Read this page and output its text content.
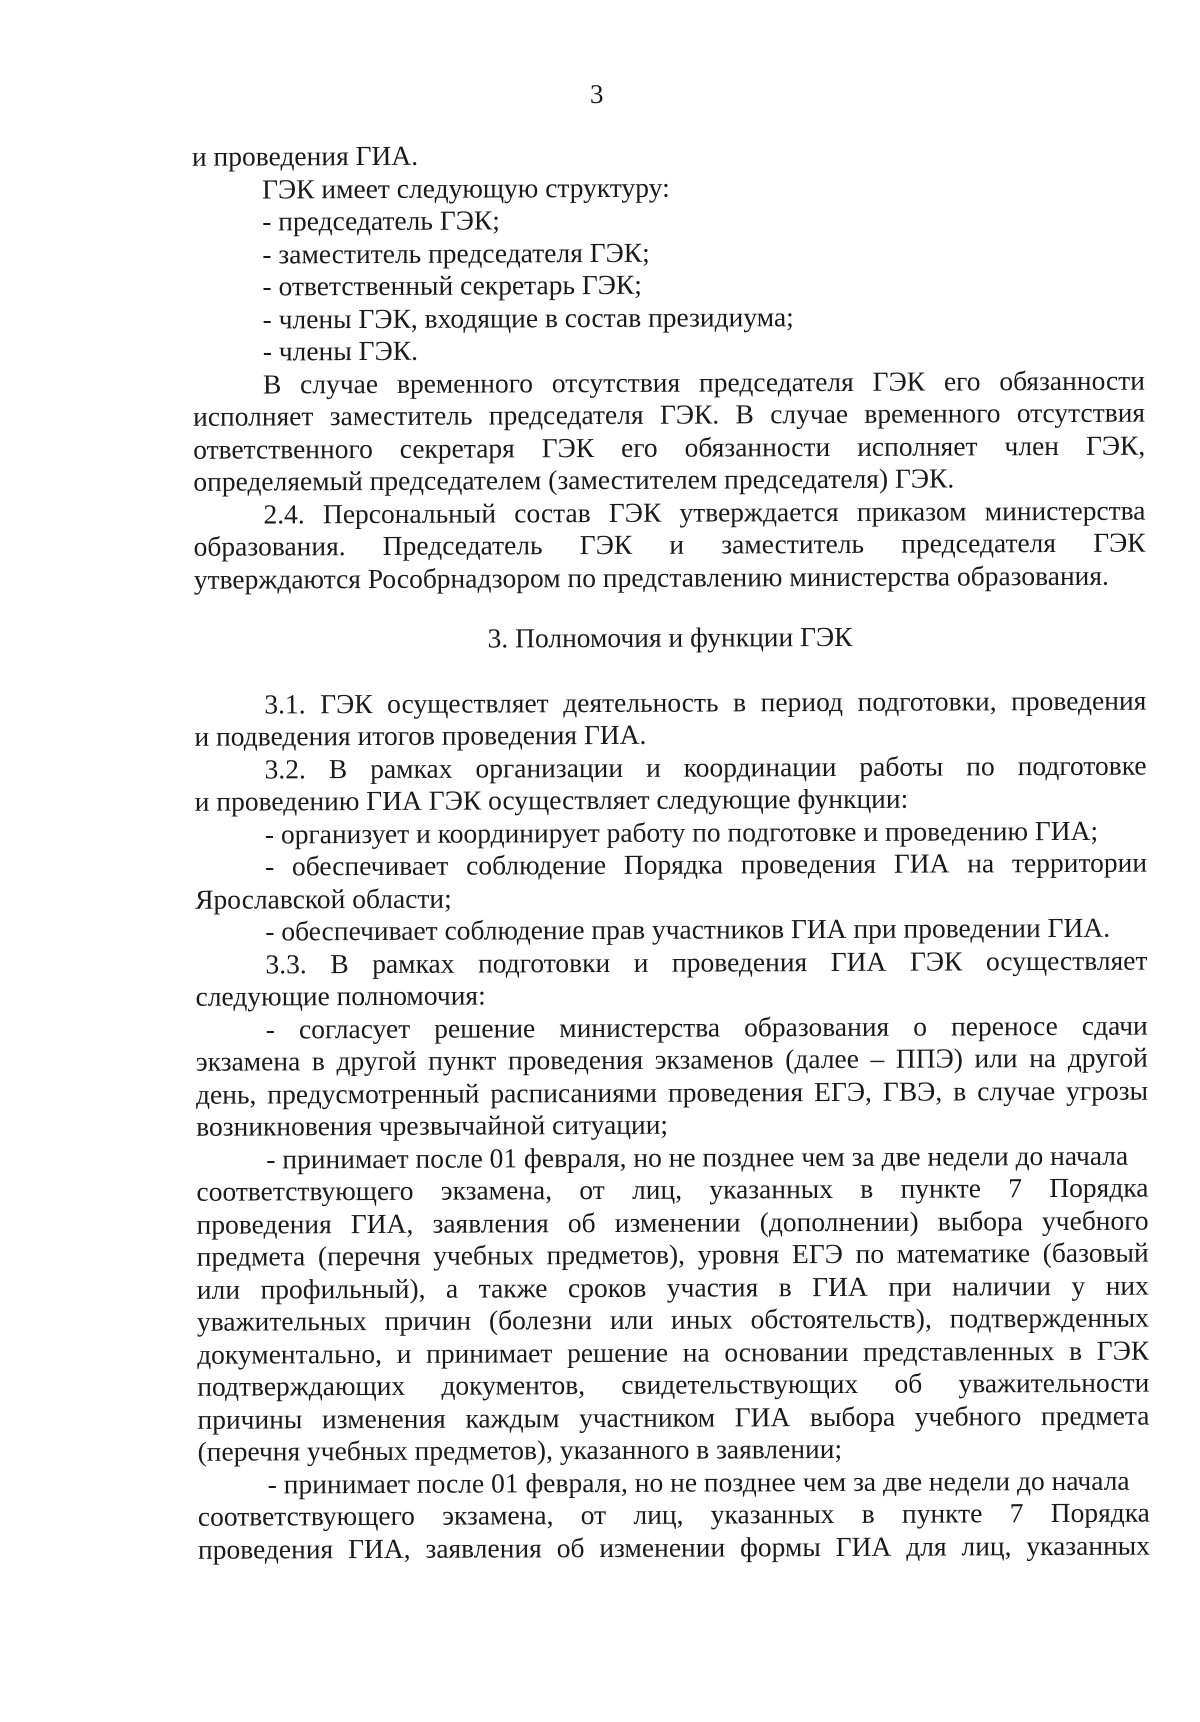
3
и проведения ГИА.
ГЭК имеет следующую структуру:
- председатель ГЭК;
- заместитель председателя ГЭК;
- ответственный секретарь ГЭК;
- члены ГЭК, входящие в состав президиума;
- члены ГЭК.
В случае временного отсутствия председателя ГЭК его обязанности
исполняет заместитель председателя ГЭК. В случае временного отсутствия
ответственного секретаря ГЭК его обязанности исполняет член ГЭК,
определяемый председателем (заместителем председателя) ГЭК.
2.4. Персональный состав ГЭК утверждается приказом министерства
образования. Председатель ГЭК и заместитель председателя ГЭК
утверждаются Рособрнадзором по представлению министерства образования.
3. Полномочия и функции ГЭК
3.1. ГЭК осуществляет деятельность в период подготовки, проведения
и подведения итогов проведения ГИА.
3.2. В рамках организации и координации работы по подготовке
и проведению ГИА ГЭК осуществляет следующие функции:
- организует и координирует работу по подготовке и проведению ГИА;
- обеспечивает соблюдение Порядка проведения ГИА на территории
Ярославской области;
- обеспечивает соблюдение прав участников ГИА при проведении ГИА.
3.3. В рамках подготовки и проведения ГИА ГЭК осуществляет
следующие полномочия:
- согласует решение министерства образования о переносе сдачи
экзамена в другой пункт проведения экзаменов (далее – ППЭ) или на другой
день, предусмотренный расписаниями проведения ЕГЭ, ГВЭ, в случае угрозы
возникновения чрезвычайной ситуации;
- принимает после 01 февраля, но не позднее чем за две недели до начала
соответствующего экзамена, от лиц, указанных в пункте 7 Порядка
проведения ГИА, заявления об изменении (дополнении) выбора учебного
предмета (перечня учебных предметов), уровня ЕГЭ по математике (базовый
или профильный), а также сроков участия в ГИА при наличии у них
уважительных причин (болезни или иных обстоятельств), подтвержденных
документально, и принимает решение на основании представленных в ГЭК
подтверждающих документов, свидетельствующих об уважительности
причины изменения каждым участником ГИА выбора учебного предмета
(перечня учебных предметов), указанного в заявлении;
- принимает после 01 февраля, но не позднее чем за две недели до начала
соответствующего экзамена, от лиц, указанных в пункте 7 Порядка
проведения ГИА, заявления об изменении формы ГИА для лиц, указанных
